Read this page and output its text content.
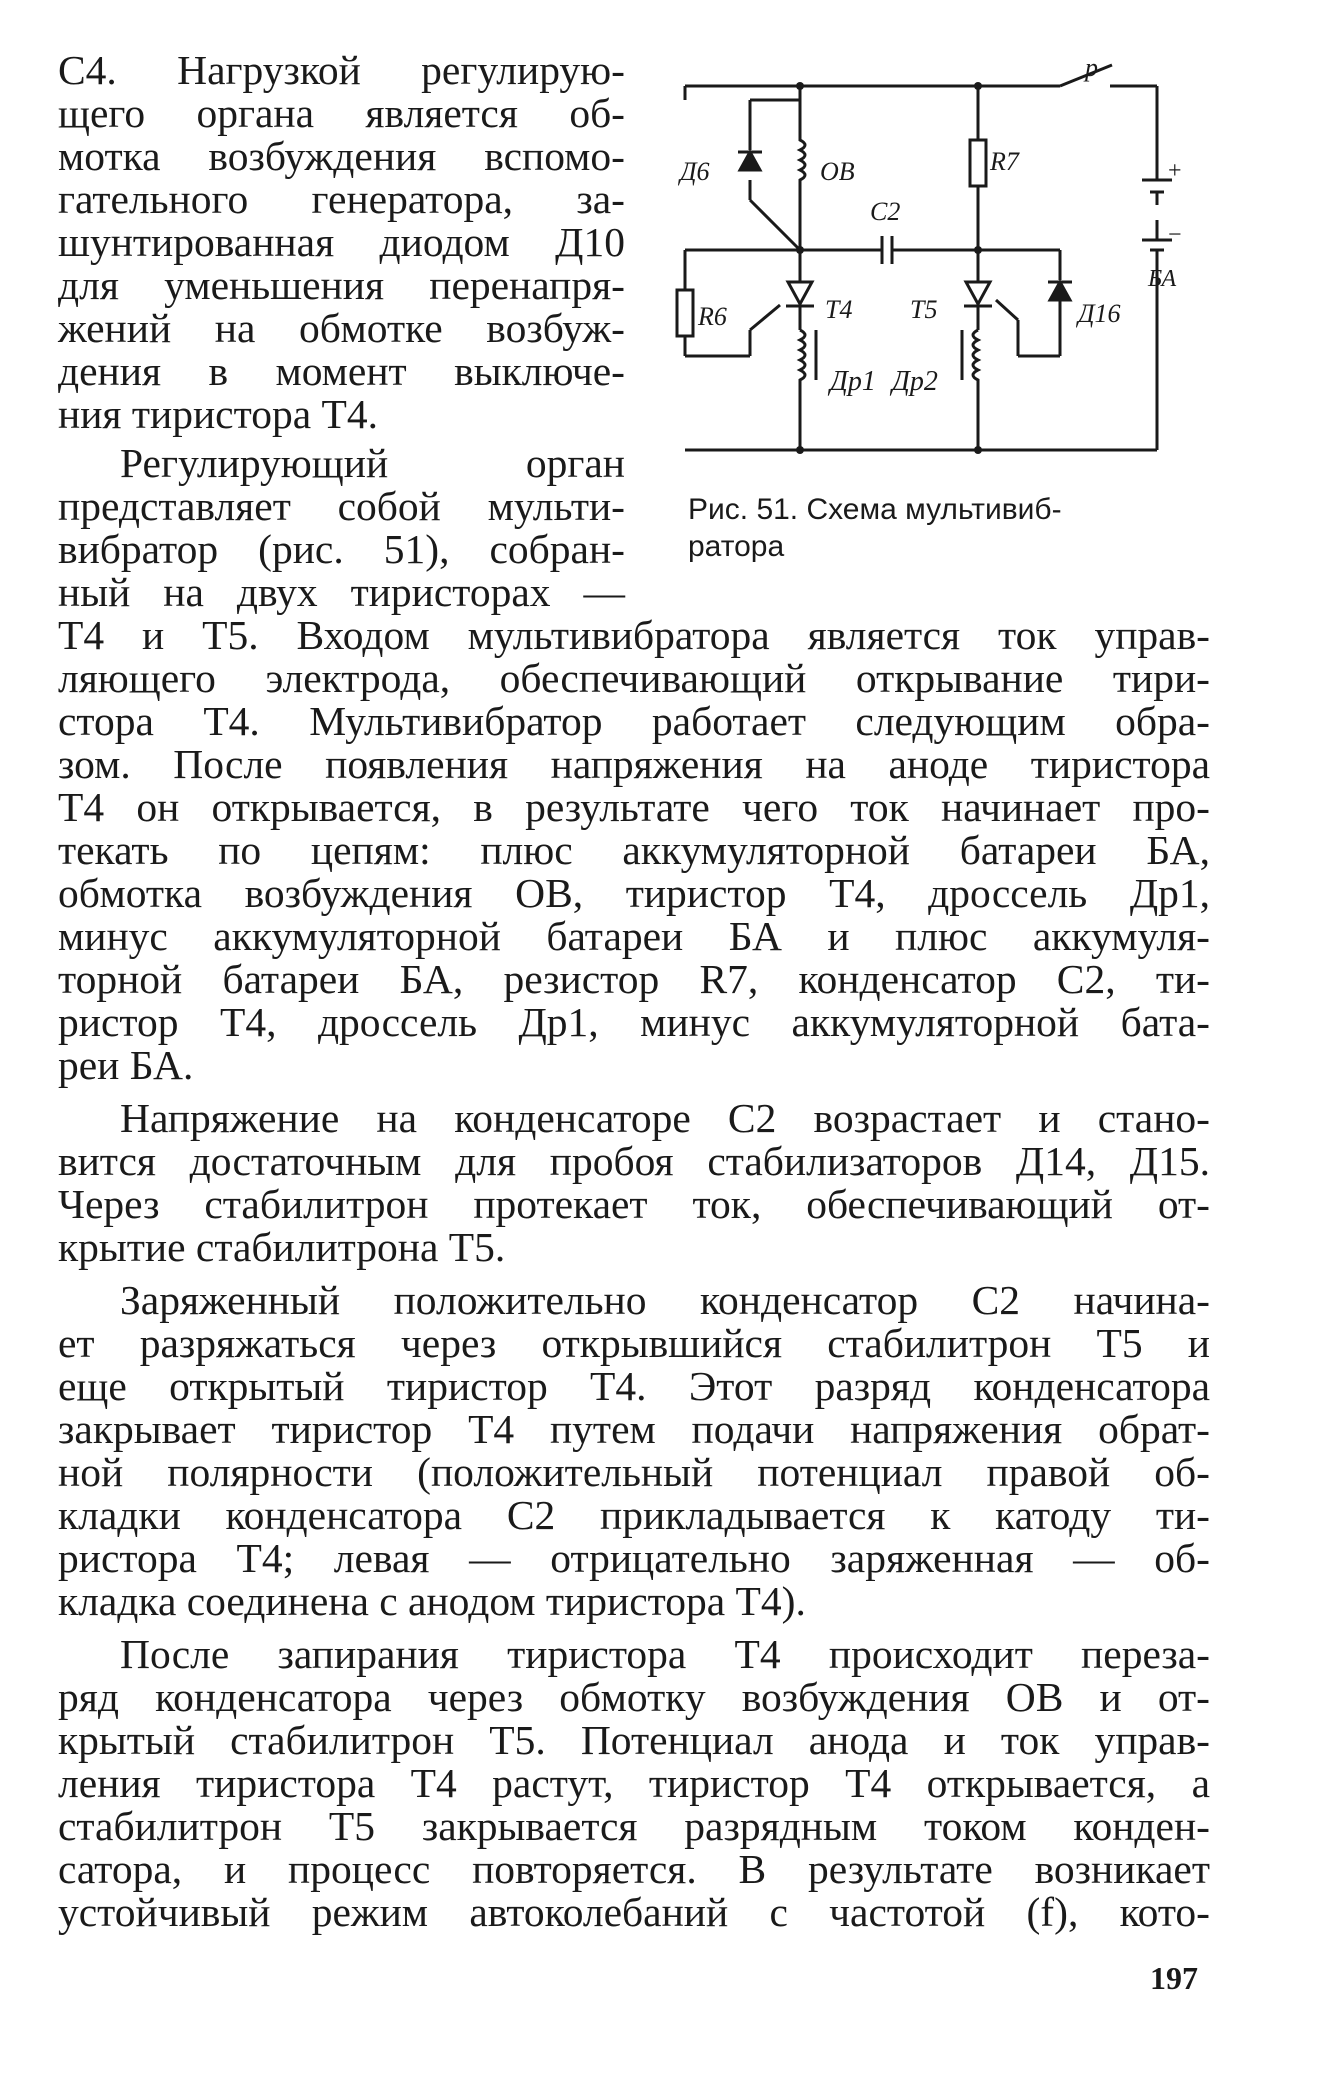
С4. Нагрузкой регулирую-
щего органа является об-
мотка возбуждения вспомо-
гательного генератора, за-
шунтированная диодом Д10
для уменьшения перенапря-
жений на обмотке возбуж-
дения в момент выключе-
ния тиристора Т4.
Регулирующий орган
представляет собой мульти-
вибратор (рис. 51), собран-
ный на двух тиристорах —
Т4 и Т5. Входом мультивибратора является ток управ-
ляющего электрода, обеспечивающий открывание тири-
стора Т4. Мультивибратор работает следующим обра-
зом. После появления напряжения на аноде тиристора
Т4 он открывается, в результате чего ток начинает про-
текать по цепям: плюс аккумуляторной батареи БА,
обмотка возбуждения ОВ, тиристор Т4, дроссель Др1,
минус аккумуляторной батареи БА и плюс аккумуля-
торной батареи БА, резистор R7, конденсатор С2, ти-
ристор Т4, дроссель Др1, минус аккумуляторной бата-
реи БА.
Напряжение на конденсаторе С2 возрастает и стано-
вится достаточным для пробоя стабилизаторов Д14, Д15.
Через стабилитрон протекает ток, обеспечивающий от-
крытие стабилитрона Т5.
Заряженный положительно конденсатор С2 начина-
ет разряжаться через открывшийся стабилитрон Т5 и
еще открытый тиристор Т4. Этот разряд конденсатора
закрывает тиристор Т4 путем подачи напряжения обрат-
ной полярности (положительный потенциал правой об-
кладки конденсатора С2 прикладывается к катоду ти-
ристора Т4; левая — отрицательно заряженная — об-
кладка соединена с анодом тиристора Т4).
После запирания тиристора Т4 происходит переза-
ряд конденсатора через обмотку возбуждения ОВ и от-
крытый стабилитрон Т5. Потенциал анода и ток управ-
ления тиристора Т4 растут, тиристор Т4 открывается, а
стабилитрон Т5 закрывается разрядным током конден-
сатора, и процесс повторяется. В результате возникает
устойчивый режим автоколебаний с частотой (f), кото-
р
+
−
Д6	ОВ	R7
С2
БА
R6	Т4 Т5	Д16
Др1 Др2
Рис. 51. Схема мультивиб-
ратора
197
